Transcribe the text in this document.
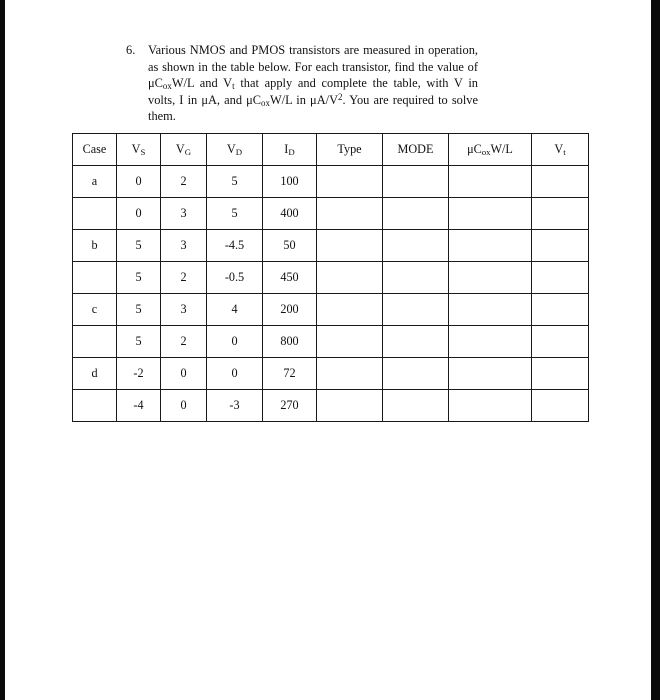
6.	Various NMOS and PMOS transistors are measured in operation, as shown in the table below. For each transistor, find the value of $\mu C_{ox}W/L$ and $V_t$ that apply and complete the table, with V in volts, I in μA, and $\mu C_{ox}W/L$ in $\mu A/V^2$. You are required to solve them.
Case	$V_S$	$V_G$	$V_D$	$I_D$	Type	MODE	$\mu C_{ox}W/L$	$V_t$
a	0	2	5	100				
	0	3	5	400				
b	5	3	-4.5	50				
	5	2	-0.5	450				
c	5	3	4	200				
	5	2	0	800				
d	-2	0	0	72				
	-4	0	-3	270				
